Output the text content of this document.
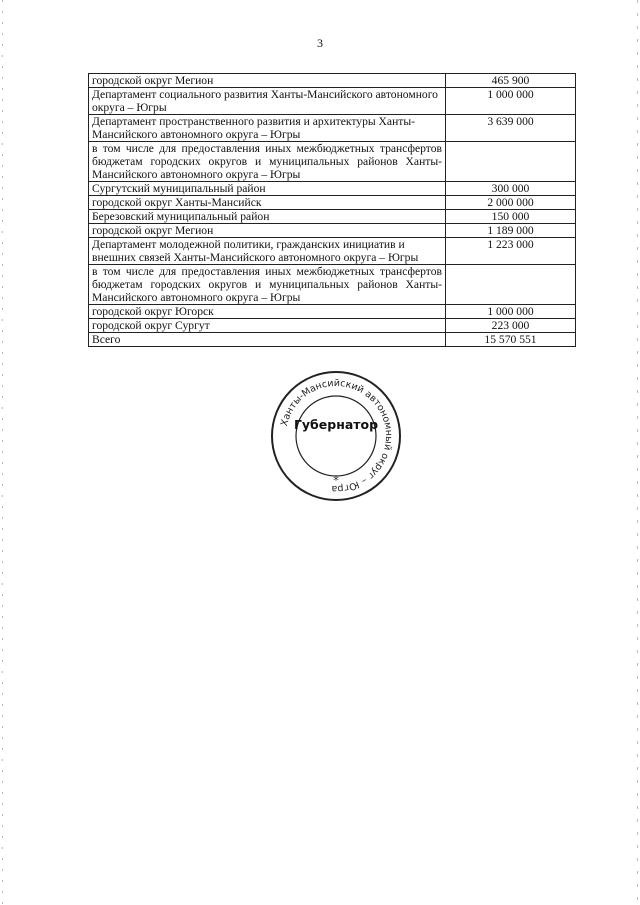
3
городской округ Мегион	465 900
Департамент социального развития Ханты-Мансийского автономного округа – Югры	1 000 000
Департамент пространственного развития и архитектуры Ханты-Мансийского автономного округа – Югры	3 639 000
в том числе для предоставления иных межбюджетных трансфертов бюджетам городских округов и муниципальных районов Ханты-Мансийского автономного округа – Югры	
Сургутский муниципальный район	300 000
городской округ Ханты-Мансийск	2 000 000
Березовский муниципальный район	150 000
городской округ Мегион	1 189 000
Департамент молодежной политики, гражданских инициатив и внешних связей Ханты-Мансийского автономного округа – Югры	1 223 000
в том числе для предоставления иных межбюджетных трансфертов бюджетам городских округов и муниципальных районов Ханты-Мансийского автономного округа – Югры	
городской округ Югорск	1 000 000
городской округ Сургут	223 000
Всего	15 570 551
Ханты-Мансийский автономный округ – Югра
Губернатор
*
